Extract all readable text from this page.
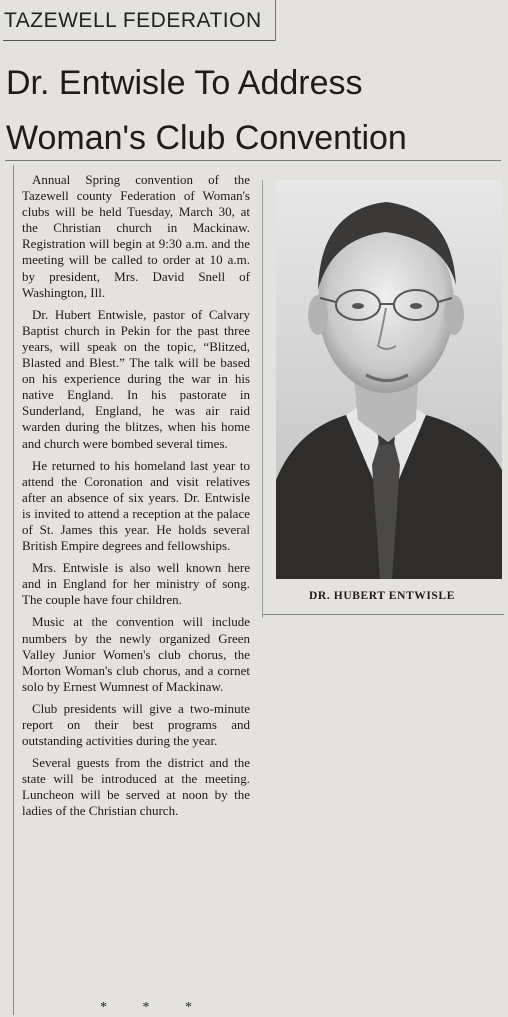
TAZEWELL FEDERATION
Dr. Entwisle To Address
Woman's Club Convention

Annual Spring convention of the Tazewell county Federation of Woman's clubs will be held Tuesday, March 30, at the Christian church in Mackinaw. Registration will begin at 9:30 a.m. and the meeting will be called to order at 10 a.m. by president, Mrs. David Snell of Washington, Ill.

Dr. Hubert Entwisle, pastor of Calvary Baptist church in Pekin for the past three years, will speak on the topic, “Blitzed, Blasted and Blest.” The talk will be based on his experience during the war in his native England. In his pastorate in Sunderland, England, he was air raid warden during the blitzes, when his home and church were bombed several times.

He returned to his homeland last year to attend the Coronation and visit relatives after an absence of six years. Dr. Entwisle is invited to attend a reception at the palace of St. James this year. He holds several British Empire degrees and fellowships.

Mrs. Entwisle is also well known here and in England for her ministry of song. The couple have four children.

Music at the convention will include numbers by the newly organized Green Valley Junior Women's club chorus, the Morton Woman's club chorus, and a cornet solo by Ernest Wumnest of Mackinaw.

Club presidents will give a two-minute report on their best programs and outstanding activities during the year.

Several guests from the district and the state will be introduced at the meeting. Luncheon will be served at noon by the ladies of the Christian church.

* * *
DR. HUBERT ENTWISLE
